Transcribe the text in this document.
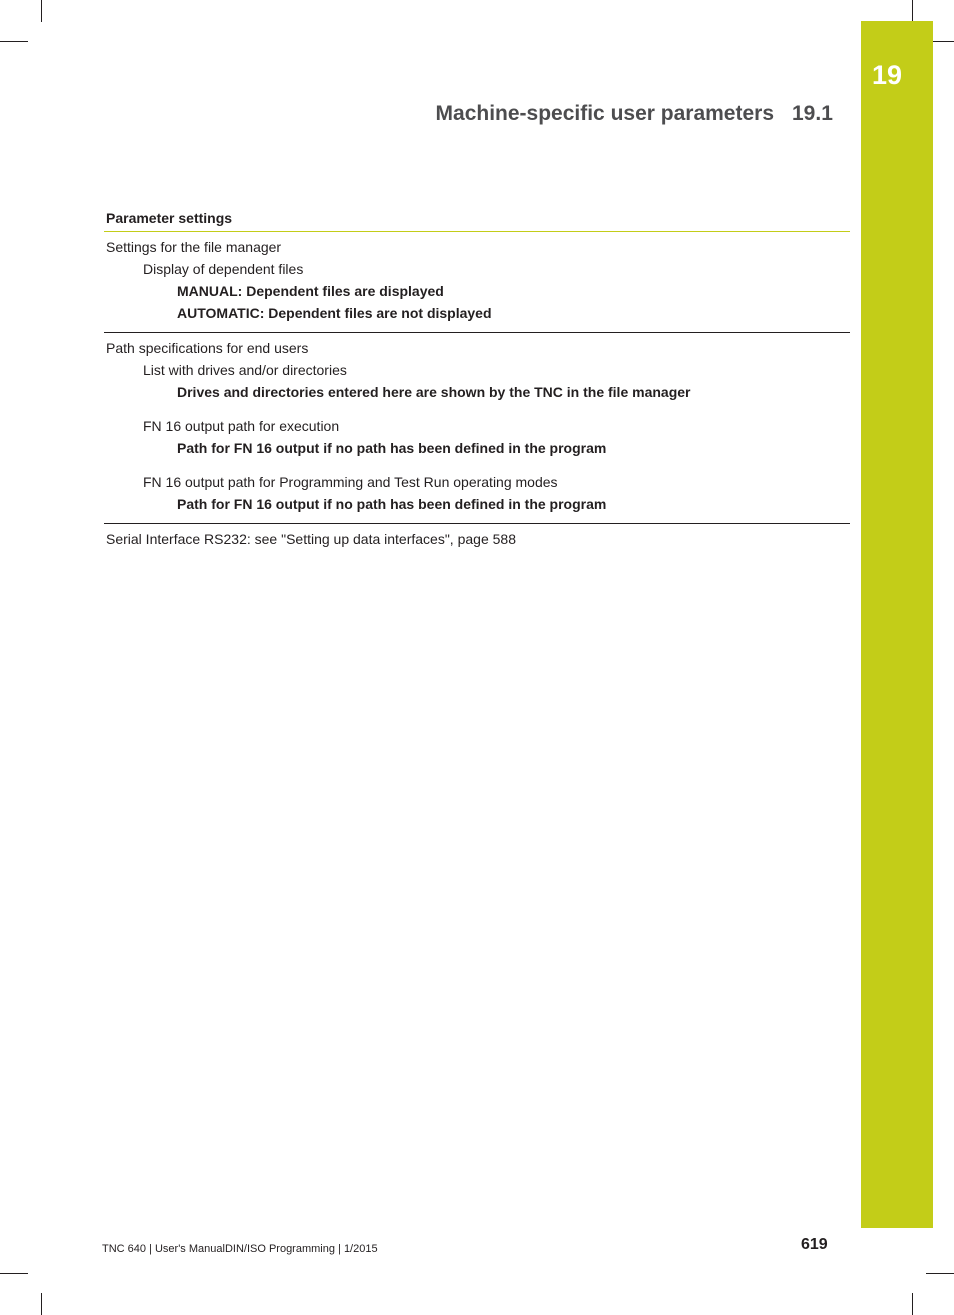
19
Machine-specific user parameters 19.1
Parameter settings
Settings for the file manager
Display of dependent files
MANUAL: Dependent files are displayed
AUTOMATIC: Dependent files are not displayed
Path specifications for end users
List with drives and/or directories
Drives and directories entered here are shown by the TNC in the file manager
FN 16 output path for execution
Path for FN 16 output if no path has been defined in the program
FN 16 output path for Programming and Test Run operating modes
Path for FN 16 output if no path has been defined in the program
Serial Interface RS232: see "Setting up data interfaces", page 588
TNC 640 | User's ManualDIN/ISO Programming | 1/2015	619
